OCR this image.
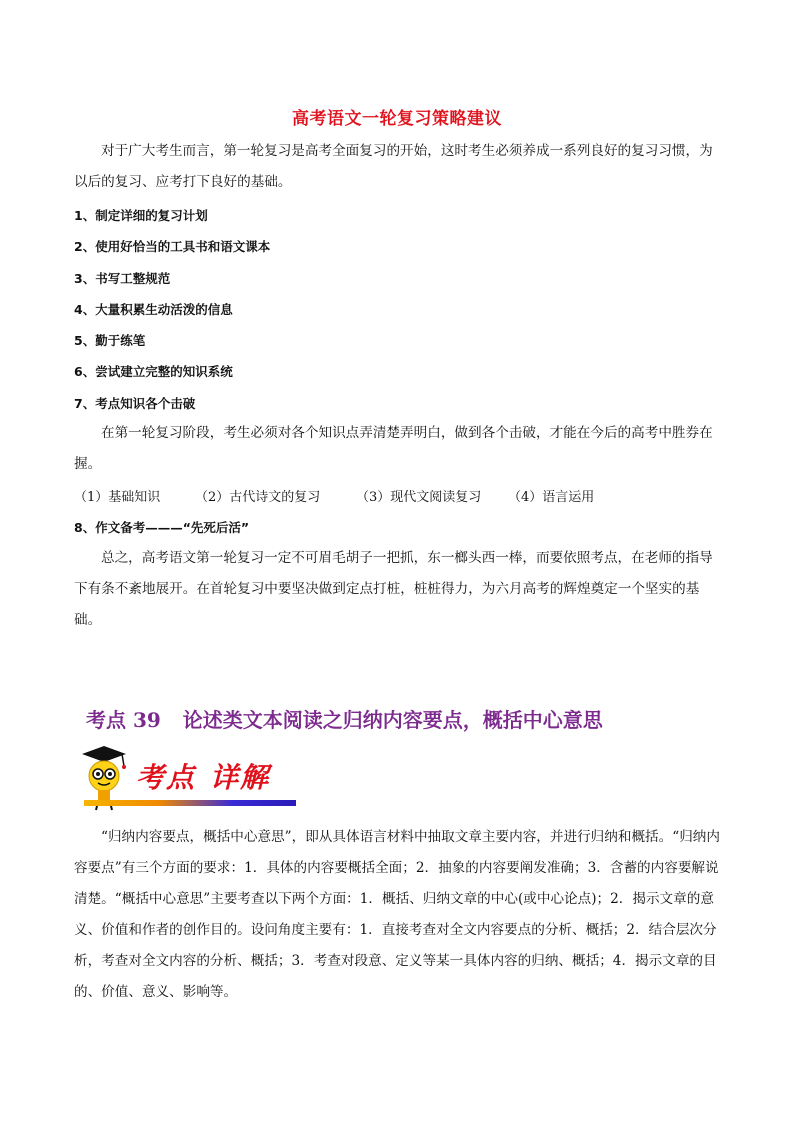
高考语文一轮复习策略建议
对于广大考生而言，第一轮复习是高考全面复习的开始，这时考生必须养成一系列良好的复习习惯，为以后的复习、应考打下良好的基础。
1、制定详细的复习计划
2、使用好恰当的工具书和语文课本
3、书写工整规范
4、大量积累生动活泼的信息
5、勤于练笔
6、尝试建立完整的知识系统
7、考点知识各个击破
在第一轮复习阶段，考生必须对各个知识点弄清楚弄明白，做到各个击破，才能在今后的高考中胜券在握。
（1）基础知识	（2）古代诗文的复习	（3）现代文阅读复习	（4）语言运用
8、作文备考———“先死后活”
总之，高考语文第一轮复习一定不可眉毛胡子一把抓，东一榔头西一棒，而要依照考点，在老师的指导下有条不紊地展开。在首轮复习中要坚决做到定点打桩，桩桩得力，为六月高考的辉煌奠定一个坚实的基础。
考点 39 论述类文本阅读之归纳内容要点，概括中心意思
考点 详解
“归纳内容要点，概括中心意思”，即从具体语言材料中抽取文章主要内容，并进行归纳和概括。“归纳内容要点”有三个方面的要求：1．具体的内容要概括全面；2．抽象的内容要阐发准确；3．含蓄的内容要解说清楚。“概括中心意思”主要考查以下两个方面：1．概括、归纳文章的中心(或中心论点)；2．揭示文章的意义、价值和作者的创作目的。设问角度主要有：1．直接考查对全文内容要点的分析、概括；2．结合层次分析，考查对全文内容的分析、概括；3．考查对段意、定义等某一具体内容的归纳、概括；4．揭示文章的目的、价值、意义、影响等。
